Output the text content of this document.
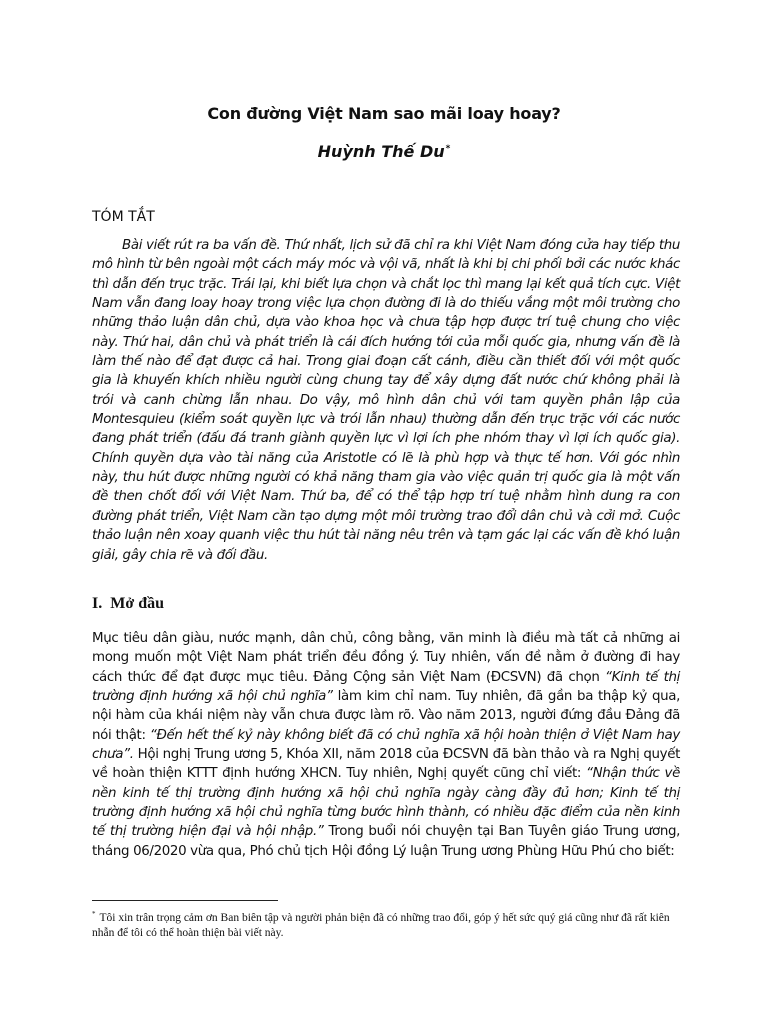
Con đường Việt Nam sao mãi loay hoay?
Huỳnh Thế Du*
TÓM TẮT

Bài viết rút ra ba vấn đề. Thứ nhất, lịch sử đã chỉ ra khi Việt Nam đóng cửa hay tiếp thu mô hình từ bên ngoài một cách máy móc và vội vã, nhất là khi bị chi phối bởi các nước khác thì dẫn đến trục trặc. Trái lại, khi biết lựa chọn và chắt lọc thì mang lại kết quả tích cực. Việt Nam vẫn đang loay hoay trong việc lựa chọn đường đi là do thiếu vắng một môi trường cho những thảo luận dân chủ, dựa vào khoa học và chưa tập hợp được trí tuệ chung cho việc này. Thứ hai, dân chủ và phát triển là cái đích hướng tới của mỗi quốc gia, nhưng vấn đề là làm thế nào để đạt được cả hai. Trong giai đoạn cất cánh, điều cần thiết đối với một quốc gia là khuyến khích nhiều người cùng chung tay để xây dựng đất nước chứ không phải là trói và canh chừng lẫn nhau. Do vậy, mô hình dân chủ với tam quyền phân lập của Montesquieu (kiểm soát quyền lực và trói lẫn nhau) thường dẫn đến trục trặc với các nước đang phát triển (đấu đá tranh giành quyền lực vì lợi ích phe nhóm thay vì lợi ích quốc gia). Chính quyền dựa vào tài năng của Aristotle có lẽ là phù hợp và thực tế hơn. Với góc nhìn này, thu hút được những người có khả năng tham gia vào việc quản trị quốc gia là một vấn đề then chốt đối với Việt Nam. Thứ ba, để có thể tập hợp trí tuệ nhằm hình dung ra con đường phát triển, Việt Nam cần tạo dựng một môi trường trao đổi dân chủ và cởi mở. Cuộc thảo luận nên xoay quanh việc thu hút tài năng nêu trên và tạm gác lại các vấn đề khó luận giải, gây chia rẽ và đối đầu.

I. Mở đầu

Mục tiêu dân giàu, nước mạnh, dân chủ, công bằng, văn minh là điều mà tất cả những ai mong muốn một Việt Nam phát triển đều đồng ý. Tuy nhiên, vấn đề nằm ở đường đi hay cách thức để đạt được mục tiêu. Đảng Cộng sản Việt Nam (ĐCSVN) đã chọn “Kinh tế thị trường định hướng xã hội chủ nghĩa” làm kim chỉ nam. Tuy nhiên, đã gần ba thập kỷ qua, nội hàm của khái niệm này vẫn chưa được làm rõ. Vào năm 2013, người đứng đầu Đảng đã nói thật: “Đến hết thế kỷ này không biết đã có chủ nghĩa xã hội hoàn thiện ở Việt Nam hay chưa”. Hội nghị Trung ương 5, Khóa XII, năm 2018 của ĐCSVN đã bàn thảo và ra Nghị quyết về hoàn thiện KTTT định hướng XHCN. Tuy nhiên, Nghị quyết cũng chỉ viết: “Nhận thức về nền kinh tế thị trường định hướng xã hội chủ nghĩa ngày càng đầy đủ hơn; Kinh tế thị trường định hướng xã hội chủ nghĩa từng bước hình thành, có nhiều đặc điểm của nền kinh tế thị trường hiện đại và hội nhập.” Trong buổi nói chuyện tại Ban Tuyên giáo Trung ương, tháng 06/2020 vừa qua, Phó chủ tịch Hội đồng Lý luận Trung ương Phùng Hữu Phú cho biết:

* Tôi xin trân trọng cảm ơn Ban biên tập và người phản biện đã có những trao đổi, góp ý hết sức quý giá cũng như đã rất kiên nhẫn để tôi có thể hoàn thiện bài viết này.
